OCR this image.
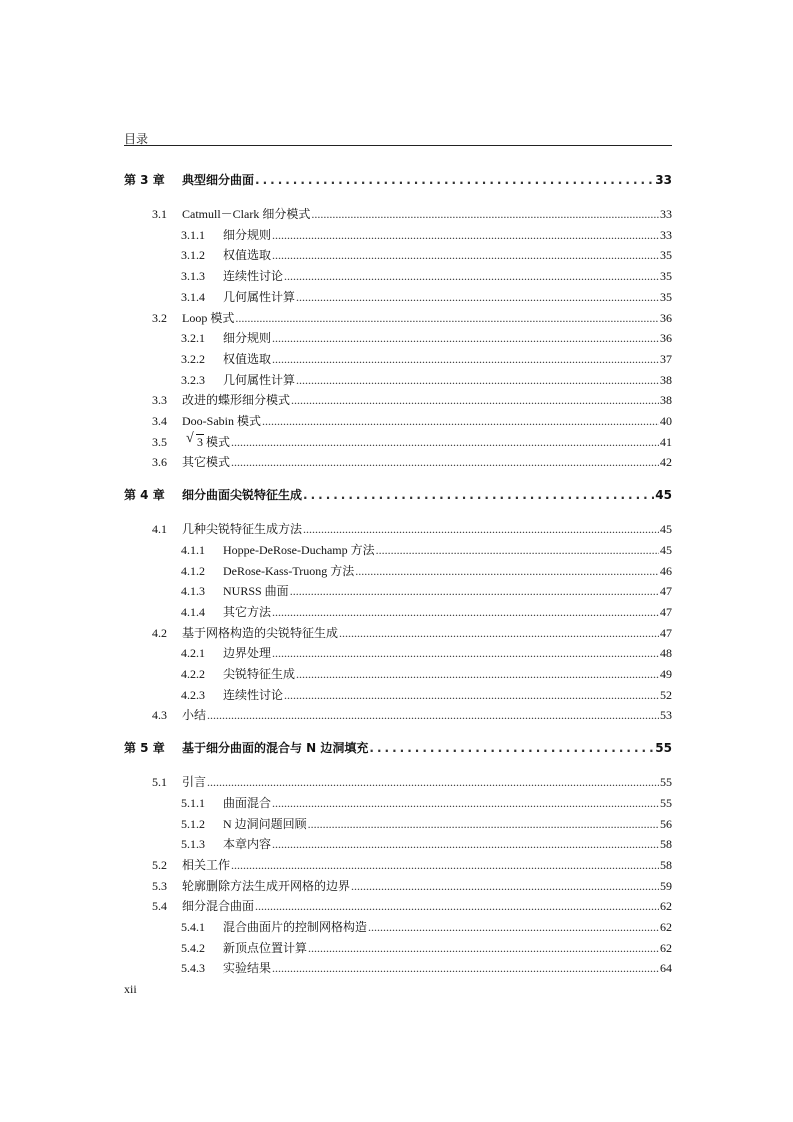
目录
第 3 章	典型细分曲面 .....	33
3.1	Catmull－Clark 细分模式 .....	33
3.1.1	细分规则 .....	33
3.1.2	权值选取 .....	35
3.1.3	连续性讨论 .....	35
3.1.4	几何属性计算 .....	35
3.2	Loop 模式 .....	36
3.2.1	细分规则 .....	36
3.2.2	权值选取 .....	37
3.2.3	几何属性计算 .....	38
3.3	改进的蝶形细分模式 .....	38
3.4	Doo-Sabin 模式 .....	40
3.5	√ 3 模式 .....	41
3.6	其它模式 .....	42
第 4 章	细分曲面尖锐特征生成 .....	45
4.1	几种尖锐特征生成方法 .....	45
4.1.1	Hoppe-DeRose-Duchamp 方法 .....	45
4.1.2	DeRose-Kass-Truong 方法 .....	46
4.1.3	NURSS 曲面 .....	47
4.1.4	其它方法 .....	47
4.2	基于网格构造的尖锐特征生成 .....	47
4.2.1	边界处理 .....	48
4.2.2	尖锐特征生成 .....	49
4.2.3	连续性讨论 .....	52
4.3	小结 .....	53
第 5 章	基于细分曲面的混合与 N 边洞填充 .....	55
5.1	引言 .....	55
5.1.1	曲面混合 .....	55
5.1.2	N 边洞问题回顾 .....	56
5.1.3	本章内容 .....	58
5.2	相关工作 .....	58
5.3	轮廓删除方法生成开网格的边界 .....	59
5.4	细分混合曲面 .....	62
5.4.1	混合曲面片的控制网格构造 .....	62
5.4.2	新顶点位置计算 .....	62
5.4.3	实验结果 .....	64
xii
